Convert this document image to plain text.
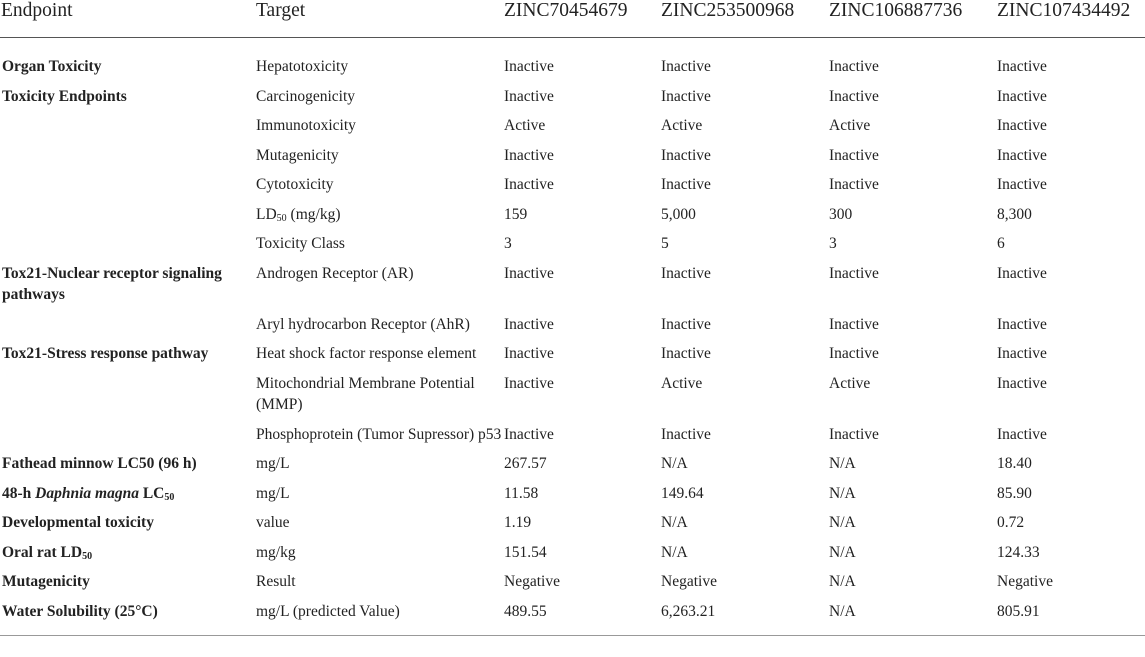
Endpoint	Target	ZINC70454679	ZINC253500968	ZINC106887736	ZINC107434492

Organ Toxicity	Hepatotoxicity	Inactive	Inactive	Inactive	Inactive
Toxicity Endpoints	Carcinogenicity	Inactive	Inactive	Inactive	Inactive
	Immunotoxicity	Active	Active	Active	Inactive
	Mutagenicity	Inactive	Inactive	Inactive	Inactive
	Cytotoxicity	Inactive	Inactive	Inactive	Inactive
	$LD_{50}$ (mg/kg)	159	5,000	300	8,300
	Toxicity Class	3	5	3	6
Tox21-Nuclear receptor signaling pathways	Androgen Receptor (AR)	Inactive	Inactive	Inactive	Inactive
	Aryl hydrocarbon Receptor (AhR)	Inactive	Inactive	Inactive	Inactive
Tox21-Stress response pathway	Heat shock factor response element	Inactive	Inactive	Inactive	Inactive
	Mitochondrial Membrane Potential (MMP)	Inactive	Active	Active	Inactive
	Phosphoprotein (Tumor Supressor) p53	Inactive	Inactive	Inactive	Inactive
Fathead minnow LC50 (96 h)	mg/L	267.57	N/A	N/A	18.40
48-h Daphnia magna $LC_{50}$	mg/L	11.58	149.64	N/A	85.90
Developmental toxicity	value	1.19	N/A	N/A	0.72
Oral rat $LD_{50}$	mg/kg	151.54	N/A	N/A	124.33
Mutagenicity	Result	Negative	Negative	N/A	Negative
Water Solubility (25°C)	mg/L (predicted Value)	489.55	6,263.21	N/A	805.91
